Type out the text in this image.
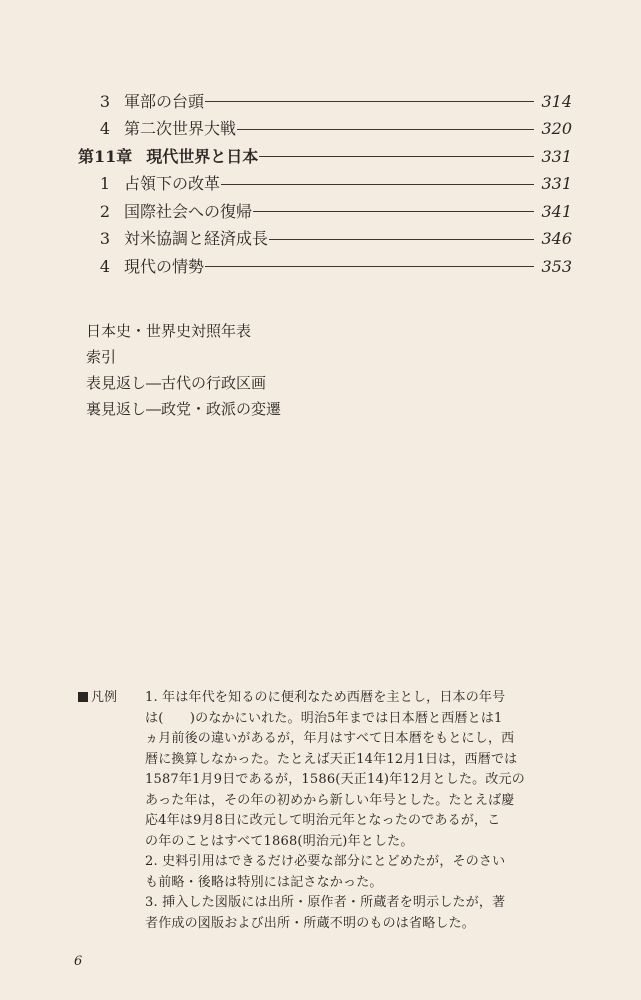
3 軍部の台頭	314
4 第二次世界大戦	320
第11章 現代世界と日本	331
1 占領下の改革	331
2 国際社会への復帰	341
3 対米協調と経済成長	346
4 現代の情勢	353
日本史・世界史対照年表
索引
表見返し―古代の行政区画
裏見返し―政党・政派の変遷
凡例 1. 年は年代を知るのに便利なため西暦を主とし，日本の年号
は(　　)のなかにいれた。明治5年までは日本暦と西暦とは1
ヵ月前後の違いがあるが，年月はすべて日本暦をもとにし，西
暦に換算しなかった。たとえば天正14年12月1日は，西暦では
1587年1月9日であるが，1586(天正14)年12月とした。改元の
あった年は，その年の初めから新しい年号とした。たとえば慶
応4年は9月8日に改元して明治元年となったのであるが，こ
の年のことはすべて1868(明治元)年とした。
2. 史料引用はできるだけ必要な部分にとどめたが，そのさい
も前略・後略は特別には記さなかった。
3. 挿入した図版には出所・原作者・所蔵者を明示したが，著
者作成の図版および出所・所蔵不明のものは省略した。
6
